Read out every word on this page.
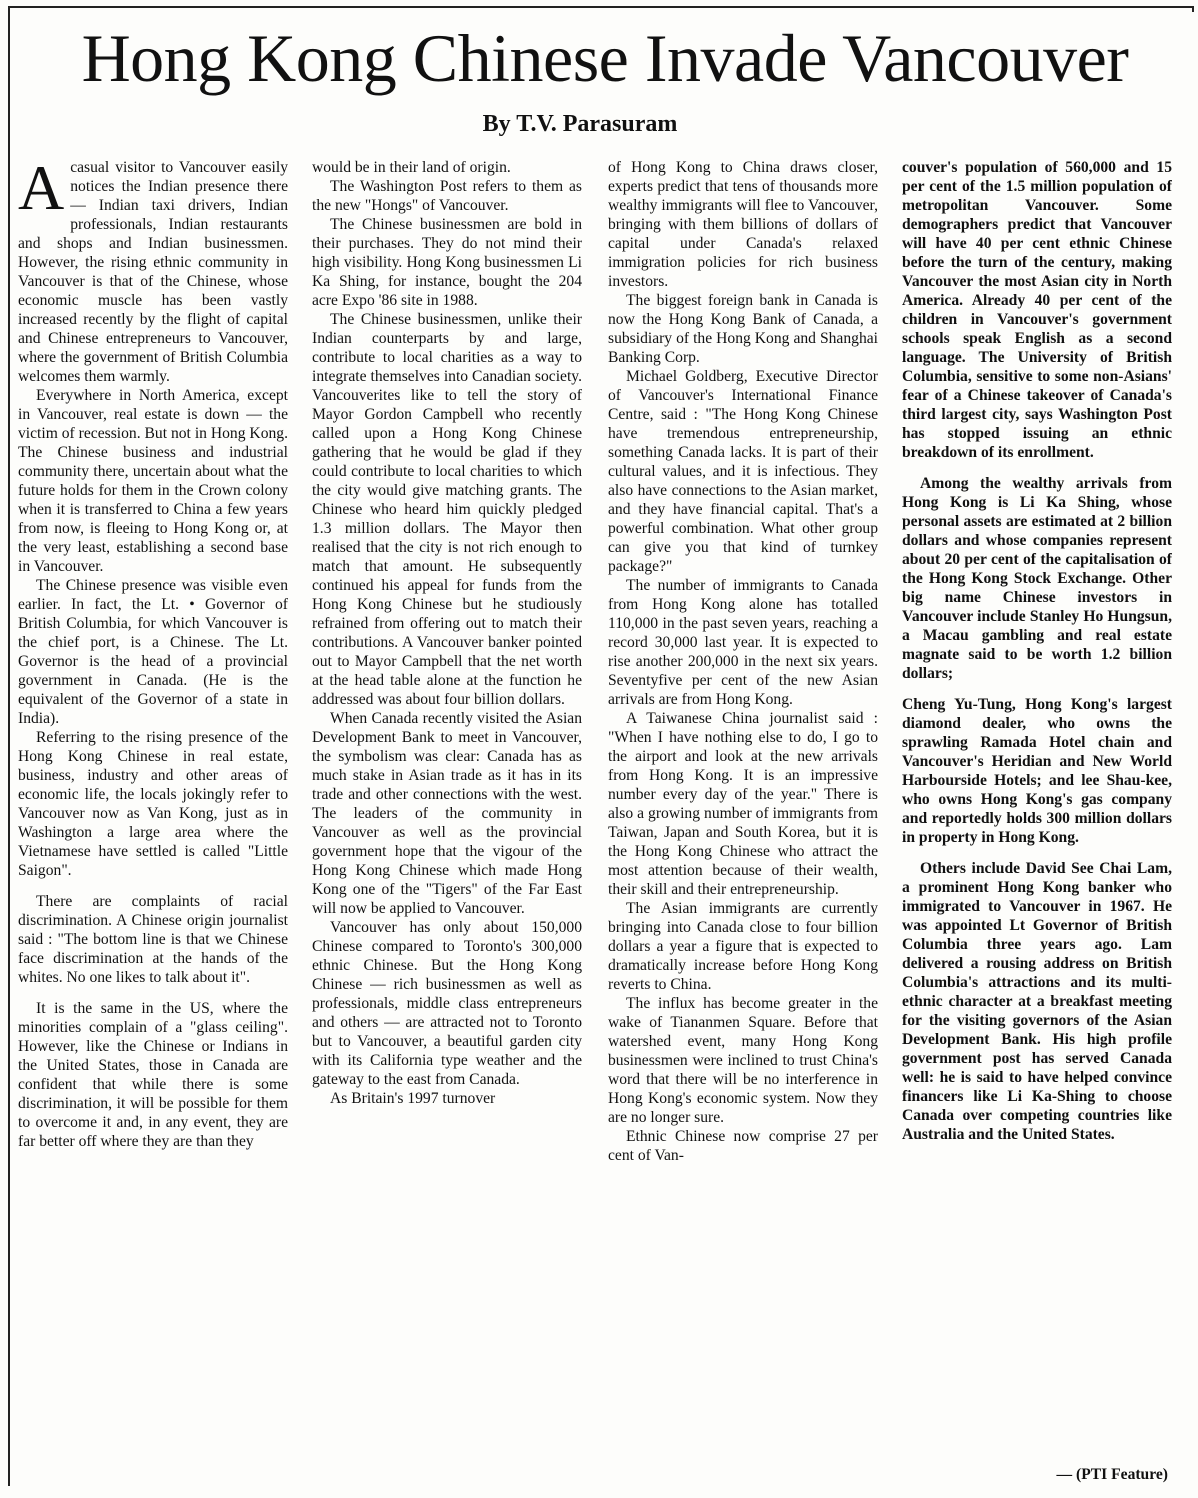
Hong Kong Chinese Invade Vancouver
By T.V. Parasuram

Acasual visitor to Vancouver easily notices the Indian presence there — Indian taxi drivers, Indian professionals, Indian restaurants and shops and Indian businessmen. However, the rising ethnic community in Vancouver is that of the Chinese, whose economic muscle has been vastly increased recently by the flight of capital and Chinese entrepreneurs to Vancouver, where the government of British Columbia welcomes them warmly.

Everywhere in North America, except in Vancouver, real estate is down — the victim of recession. But not in Hong Kong. The Chinese business and industrial community there, uncertain about what the future holds for them in the Crown colony when it is transferred to China a few years from now, is fleeing to Hong Kong or, at the very least, establishing a second base in Vancouver.

The Chinese presence was visible even earlier. In fact, the Lt. • Governor of British Columbia, for which Vancouver is the chief port, is a Chinese. The Lt. Governor is the head of a provincial government in Canada. (He is the equivalent of the Governor of a state in India).

Referring to the rising presence of the Hong Kong Chinese in real estate, business, industry and other areas of economic life, the locals jokingly refer to Vancouver now as Van Kong, just as in Washington a large area where the Vietnamese have settled is called "Little Saigon".

There are complaints of racial discrimination. A Chinese origin journalist said : "The bottom line is that we Chinese face discrimination at the hands of the whites. No one likes to talk about it".

It is the same in the US, where the minorities complain of a "glass ceiling". However, like the Chinese or Indians in the United States, those in Canada are confident that while there is some discrimination, it will be possible for them to overcome it and, in any event, they are far better off where they are than they

would be in their land of origin.

The Washington Post refers to them as the new "Hongs" of Vancouver.

The Chinese businessmen are bold in their purchases. They do not mind their high visibility. Hong Kong businessmen Li Ka Shing, for instance, bought the 204 acre Expo '86 site in 1988.

The Chinese businessmen, unlike their Indian counterparts by and large, contribute to local charities as a way to integrate themselves into Canadian society. Vancouverites like to tell the story of Mayor Gordon Campbell who recently called upon a Hong Kong Chinese gathering that he would be glad if they could contribute to local charities to which the city would give matching grants. The Chinese who heard him quickly pledged 1.3 million dollars. The Mayor then realised that the city is not rich enough to match that amount. He subsequently continued his appeal for funds from the Hong Kong Chinese but he studiously refrained from offering out to match their contributions. A Vancouver banker pointed out to Mayor Campbell that the net worth at the head table alone at the function he addressed was about four billion dollars.

When Canada recently visited the Asian Development Bank to meet in Vancouver, the symbolism was clear: Canada has as much stake in Asian trade as it has in its trade and other connections with the west. The leaders of the community in Vancouver as well as the provincial government hope that the vigour of the Hong Kong Chinese which made Hong Kong one of the "Tigers" of the Far East will now be applied to Vancouver.

Vancouver has only about 150,000 Chinese compared to Toronto's 300,000 ethnic Chinese. But the Hong Kong Chinese — rich businessmen as well as professionals, middle class entrepreneurs and others — are attracted not to Toronto but to Vancouver, a beautiful garden city with its California type weather and the gateway to the east from Canada.

As Britain's 1997 turnover

of Hong Kong to China draws closer, experts predict that tens of thousands more wealthy immigrants will flee to Vancouver, bringing with them billions of dollars of capital under Canada's relaxed immigration policies for rich business investors.

The biggest foreign bank in Canada is now the Hong Kong Bank of Canada, a subsidiary of the Hong Kong and Shanghai Banking Corp.

Michael Goldberg, Executive Director of Vancouver's International Finance Centre, said : "The Hong Kong Chinese have tremendous entrepreneurship, something Canada lacks. It is part of their cultural values, and it is infectious. They also have connections to the Asian market, and they have financial capital. That's a powerful combination. What other group can give you that kind of turnkey package?"

The number of immigrants to Canada from Hong Kong alone has totalled 110,000 in the past seven years, reaching a record 30,000 last year. It is expected to rise another 200,000 in the next six years. Seventyfive per cent of the new Asian arrivals are from Hong Kong.

A Taiwanese China journalist said : "When I have nothing else to do, I go to the airport and look at the new arrivals from Hong Kong. It is an impressive number every day of the year." There is also a growing number of immigrants from Taiwan, Japan and South Korea, but it is the Hong Kong Chinese who attract the most attention because of their wealth, their skill and their entrepreneurship.

The Asian immigrants are currently bringing into Canada close to four billion dollars a year a figure that is expected to dramatically increase before Hong Kong reverts to China.

The influx has become greater in the wake of Tiananmen Square. Before that watershed event, many Hong Kong businessmen were inclined to trust China's word that there will be no interference in Hong Kong's economic system. Now they are no longer sure.

Ethnic Chinese now comprise 27 per cent of Van-

couver's population of 560,000 and 15 per cent of the 1.5 million population of metropolitan Vancouver. Some demographers predict that Vancouver will have 40 per cent ethnic Chinese before the turn of the century, making Vancouver the most Asian city in North America. Already 40 per cent of the children in Vancouver's government schools speak English as a second language. The University of British Columbia, sensitive to some non-Asians' fear of a Chinese takeover of Canada's third largest city, says Washington Post has stopped issuing an ethnic breakdown of its enrollment.

Among the wealthy arrivals from Hong Kong is Li Ka Shing, whose personal assets are estimated at 2 billion dollars and whose companies represent about 20 per cent of the capitalisation of the Hong Kong Stock Exchange. Other big name Chinese investors in Vancouver include Stanley Ho Hungsun, a Macau gambling and real estate magnate said to be worth 1.2 billion dollars;

Cheng Yu-Tung, Hong Kong's largest diamond dealer, who owns the sprawling Ramada Hotel chain and Vancouver's Heridian and New World Harbourside Hotels; and lee Shau-kee, who owns Hong Kong's gas company and reportedly holds 300 million dollars in property in Hong Kong.

Others include David See Chai Lam, a prominent Hong Kong banker who immigrated to Vancouver in 1967. He was appointed Lt Governor of British Columbia three years ago. Lam delivered a rousing address on British Columbia's attractions and its multi-ethnic character at a breakfast meeting for the visiting governors of the Asian Development Bank. His high profile government post has served Canada well: he is said to have helped convince financers like Li Ka-Shing to choose Canada over competing countries like Australia and the United States.

— (PTI Feature)
